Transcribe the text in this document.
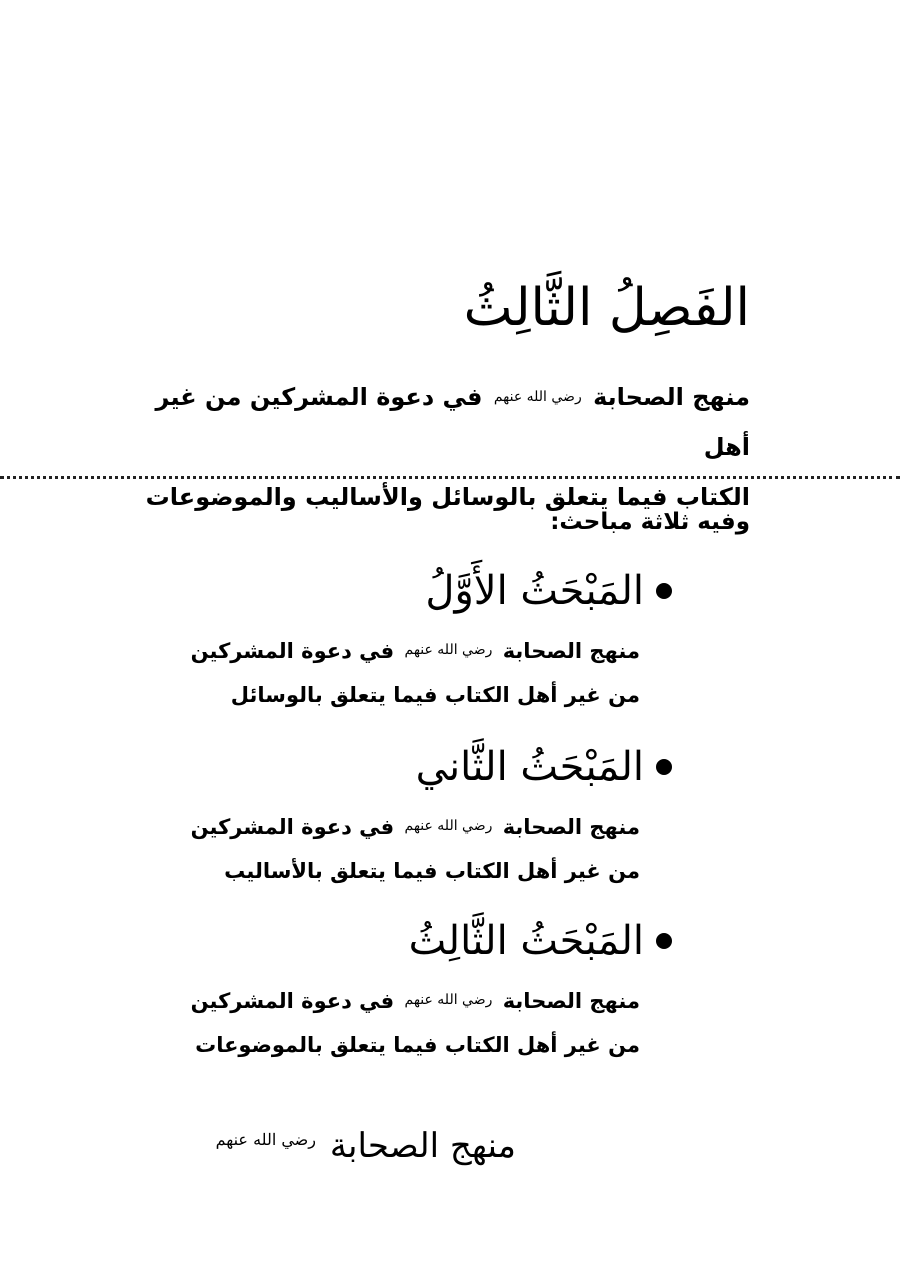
الفَصِلُ الثَّالِثُ
منهج الصحابة رضي الله عنهم في دعوة المشركين من غير أهل
الكتاب فيما يتعلق بالوسائل والأساليب والموضوعات
وفيه ثلاثة مباحث:
المَبْحَثُ الأَوَّلُ
منهج الصحابة رضي الله عنهم في دعوة المشركين
من غير أهل الكتاب فيما يتعلق بالوسائل
المَبْحَثُ الثَّاني
منهج الصحابة رضي الله عنهم في دعوة المشركين
من غير أهل الكتاب فيما يتعلق بالأساليب
المَبْحَثُ الثَّالِثُ
منهج الصحابة رضي الله عنهم في دعوة المشركين
من غير أهل الكتاب فيما يتعلق بالموضوعات
منهج الصحابة $^{رضي الله عنهم}$
